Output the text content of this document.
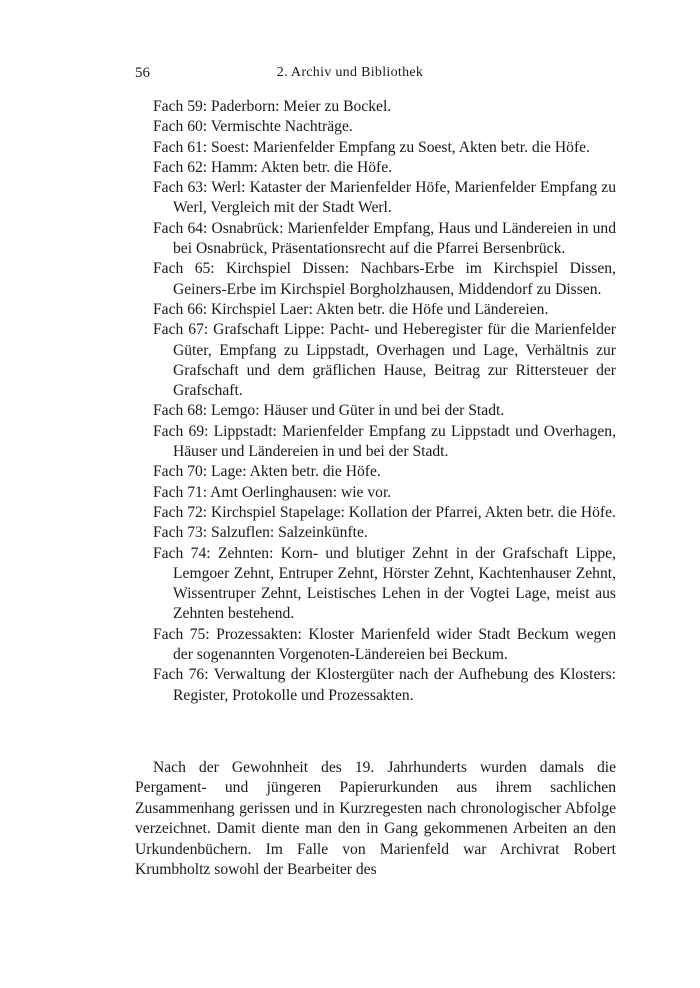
56	2. Archiv und Bibliothek
Fach 59: Paderborn: Meier zu Bockel.
Fach 60: Vermischte Nachträge.
Fach 61: Soest: Marienfelder Empfang zu Soest, Akten betr. die Höfe.
Fach 62: Hamm: Akten betr. die Höfe.
Fach 63: Werl: Kataster der Marienfelder Höfe, Marienfelder Empfang zu Werl, Vergleich mit der Stadt Werl.
Fach 64: Osnabrück: Marienfelder Empfang, Haus und Ländereien in und bei Osnabrück, Präsentationsrecht auf die Pfarrei Bersenbrück.
Fach 65: Kirchspiel Dissen: Nachbars-Erbe im Kirchspiel Dissen, Geiners-Erbe im Kirchspiel Borgholzhausen, Middendorf zu Dissen.
Fach 66: Kirchspiel Laer: Akten betr. die Höfe und Ländereien.
Fach 67: Grafschaft Lippe: Pacht- und Heberegister für die Marienfelder Güter, Empfang zu Lippstadt, Overhagen und Lage, Verhältnis zur Grafschaft und dem gräflichen Hause, Beitrag zur Rittersteuer der Grafschaft.
Fach 68: Lemgo: Häuser und Güter in und bei der Stadt.
Fach 69: Lippstadt: Marienfelder Empfang zu Lippstadt und Overhagen, Häuser und Ländereien in und bei der Stadt.
Fach 70: Lage: Akten betr. die Höfe.
Fach 71: Amt Oerlinghausen: wie vor.
Fach 72: Kirchspiel Stapelage: Kollation der Pfarrei, Akten betr. die Höfe.
Fach 73: Salzuflen: Salzeinkünfte.
Fach 74: Zehnten: Korn- und blutiger Zehnt in der Grafschaft Lippe, Lemgoer Zehnt, Entruper Zehnt, Hörster Zehnt, Kachtenhauser Zehnt, Wissentruper Zehnt, Leistisches Lehen in der Vogtei Lage, meist aus Zehnten bestehend.
Fach 75: Prozessakten: Kloster Marienfeld wider Stadt Beckum wegen der sogenannten Vorgenoten-Ländereien bei Beckum.
Fach 76: Verwaltung der Klostergüter nach der Aufhebung des Klosters: Register, Protokolle und Prozessakten.

Nach der Gewohnheit des 19. Jahrhunderts wurden damals die Pergament- und jüngeren Papierurkunden aus ihrem sachlichen Zusammenhang gerissen und in Kurzregesten nach chronologischer Abfolge verzeichnet. Damit diente man den in Gang gekommenen Arbeiten an den Urkundenbüchern. Im Falle von Marienfeld war Archivrat Robert Krumbholtz sowohl der Bearbeiter des
